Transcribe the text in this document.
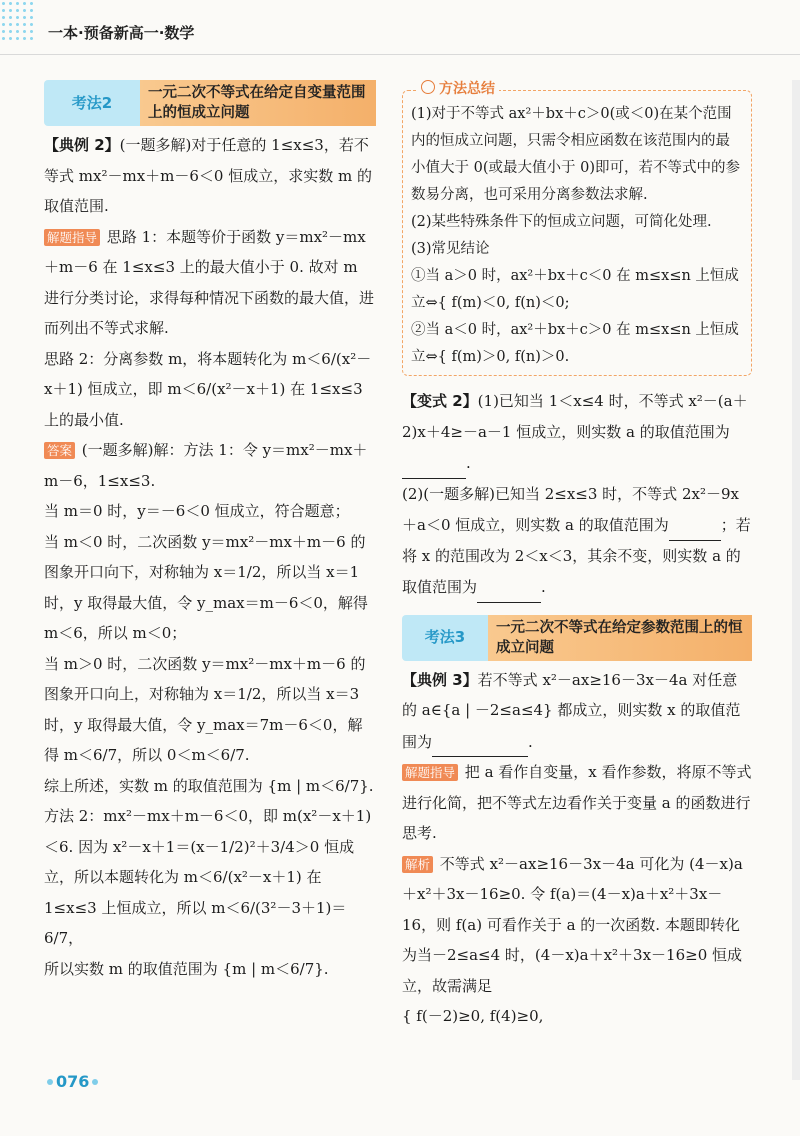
一本·预备新高一·数学
考法2
一元二次不等式在给定自变量范围上的恒成立问题

【典例 2】(一题多解)对于任意的 1≤x≤3，若不等式 mx²－mx＋m－6＜0 恒成立，求实数 m 的取值范围.

解题指导 思路 1：本题等价于函数 y＝mx²－mx＋m－6 在 1≤x≤3 上的最大值小于 0. 故对 m 进行分类讨论，求得每种情况下函数的最大值，进而列出不等式求解.

思路 2：分离参数 m，将本题转化为 m＜6/(x²－x＋1) 恒成立，即 m＜6/(x²－x＋1) 在 1≤x≤3 上的最小值.

答案 (一题多解)解：方法 1：令 y＝mx²－mx＋m－6，1≤x≤3.

当 m＝0 时，y＝－6＜0 恒成立，符合题意；

当 m＜0 时，二次函数 y＝mx²－mx＋m－6 的图象开口向下，对称轴为 x＝1/2，所以当 x＝1 时，y 取得最大值，令 y_max＝m－6＜0，解得 m＜6，所以 m＜0；

当 m＞0 时，二次函数 y＝mx²－mx＋m－6 的图象开口向上，对称轴为 x＝1/2，所以当 x＝3 时，y 取得最大值，令 y_max＝7m－6＜0，解得 m＜6/7，所以 0＜m＜6/7.

综上所述，实数 m 的取值范围为 {m | m＜6/7}.

方法 2：mx²－mx＋m－6＜0，即 m(x²－x＋1)＜6. 因为 x²－x＋1＝(x－1/2)²＋3/4＞0 恒成立，所以本题转化为 m＜6/(x²－x＋1) 在 1≤x≤3 上恒成立，所以 m＜6/(3²－3＋1)＝6/7，

所以实数 m 的取值范围为 {m | m＜6/7}.

方法总结

(1)对于不等式 ax²＋bx＋c＞0(或＜0)在某个范围内的恒成立问题，只需令相应函数在该范围内的最小值大于 0(或最大值小于 0)即可，若不等式中的参数易分离，也可采用分离参数法求解.

(2)某些特殊条件下的恒成立问题，可简化处理.

(3)常见结论

①当 a＞0 时，ax²＋bx＋c＜0 在 m≤x≤n 上恒成立⇔{ f(m)＜0, f(n)＜0;

②当 a＜0 时，ax²＋bx＋c＞0 在 m≤x≤n 上恒成立⇔{ f(m)＞0, f(n)＞0.

【变式 2】(1)已知当 1＜x≤4 时，不等式 x²－(a＋2)x＋4≥－a－1 恒成立，则实数 a 的取值范围为 .

(2)(一题多解)已知当 2≤x≤3 时，不等式 2x²－9x＋a＜0 恒成立，则实数 a 的取值范围为	；若将 x 的范围改为 2＜x＜3，其余不变，则实数 a 的取值范围为	.

考法3
一元二次不等式在给定参数范围上的恒成立问题

【典例 3】若不等式 x²－ax≥16－3x－4a 对任意的 a∈{a | －2≤a≤4} 都成立，则实数 x 的取值范围为	.

解题指导 把 a 看作自变量，x 看作参数，将原不等式进行化简，把不等式左边看作关于变量 a 的函数进行思考.

解析 不等式 x²－ax≥16－3x－4a 可化为 (4－x)a＋x²＋3x－16≥0. 令 f(a)＝(4－x)a＋x²＋3x－16，则 f(a) 可看作关于 a 的一次函数. 本题即转化为当－2≤a≤4 时，(4－x)a＋x²＋3x－16≥0 恒成立，故需满足

{ f(－2)≥0, f(4)≥0,

076
